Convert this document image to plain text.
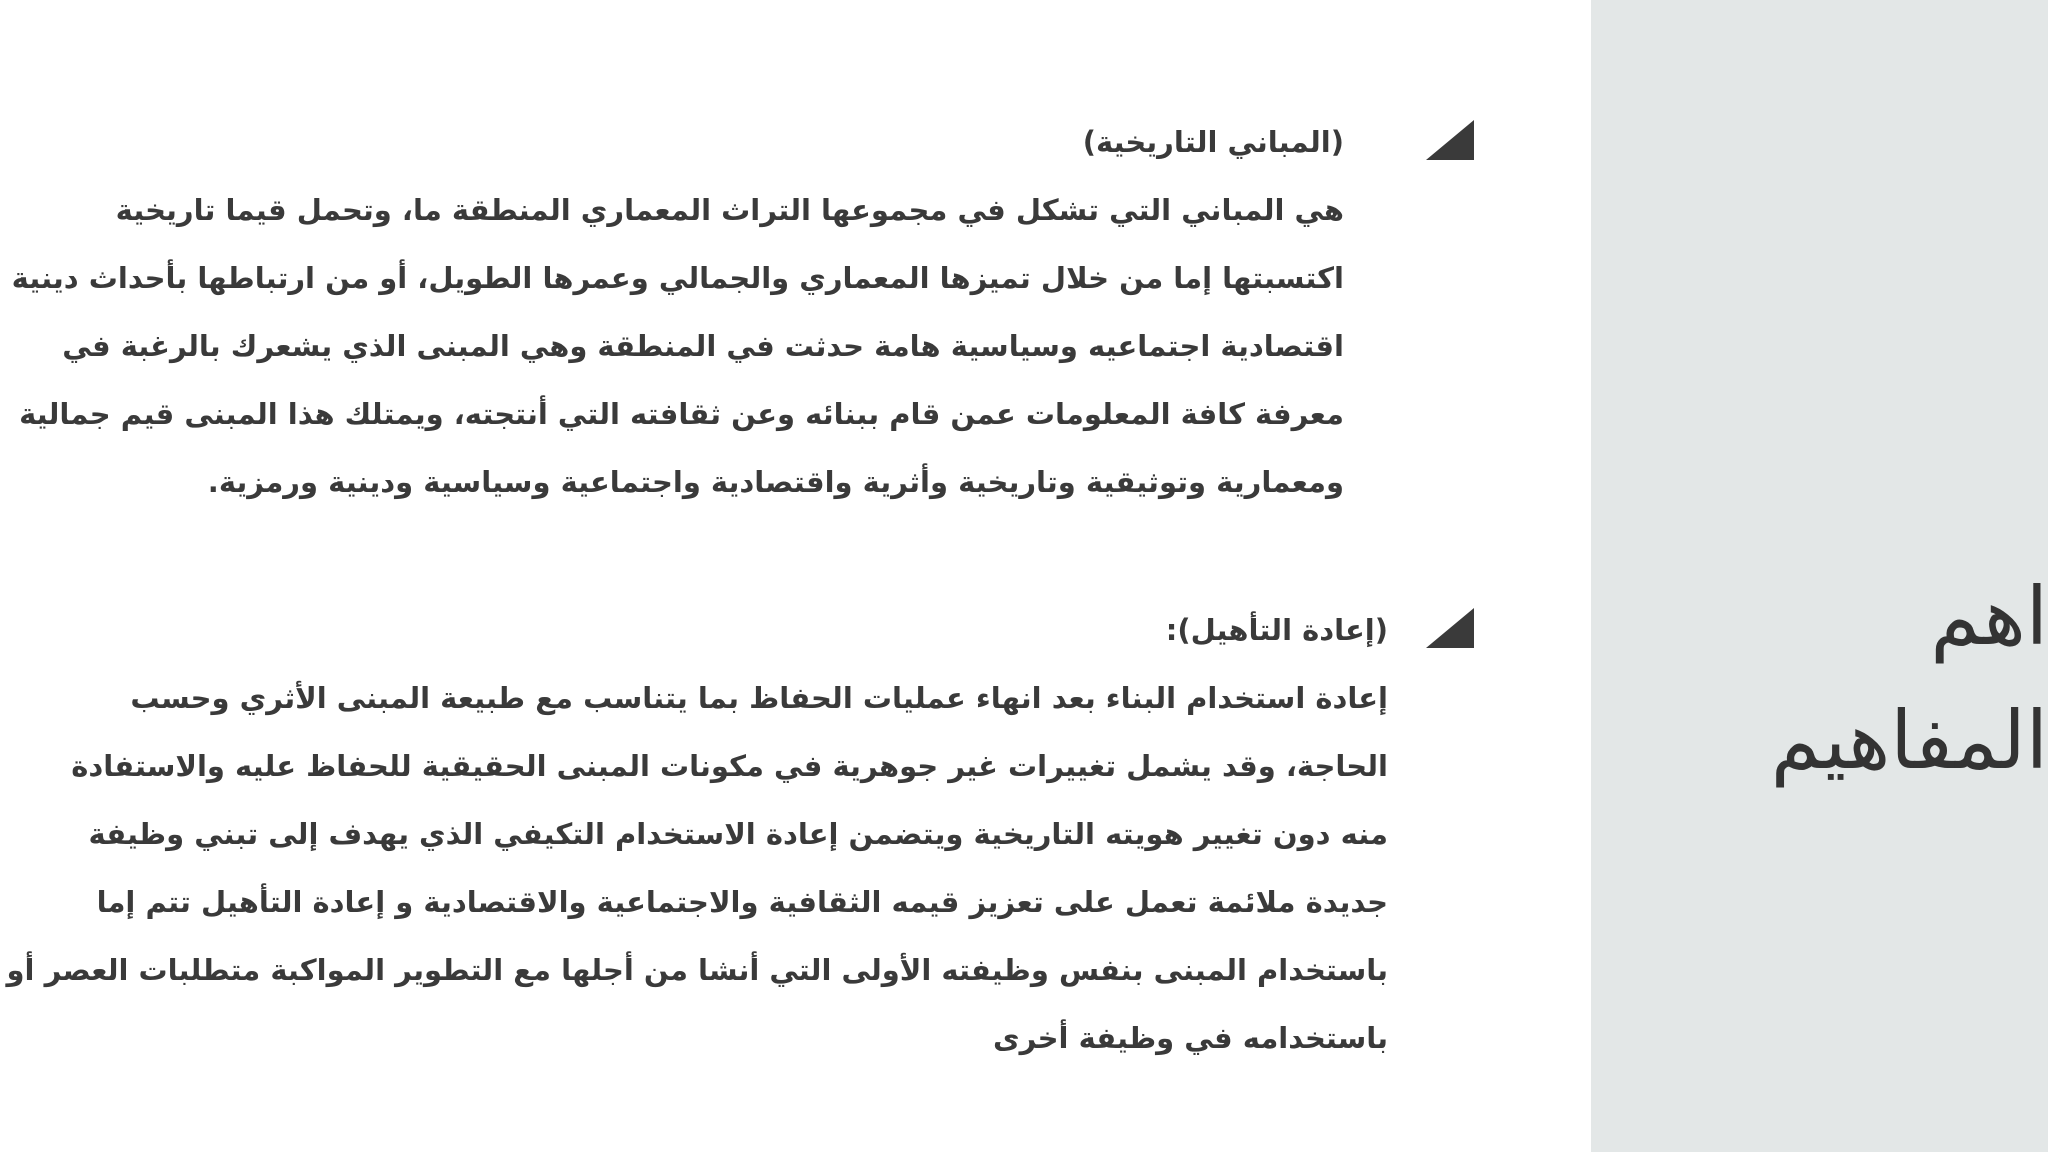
اهم
المفاهيم
(المباني التاريخية)
هي المباني التي تشكل في مجموعها التراث المعماري المنطقة ما، وتحمل قيما تاريخية
اكتسبتها إما من خلال تميزها المعماري والجمالي وعمرها الطويل، أو من ارتباطها بأحداث دينية
اقتصادية اجتماعيه وسياسية هامة حدثت في المنطقة وهي المبنى الذي يشعرك بالرغبة في
معرفة كافة المعلومات عمن قام ببنائه وعن ثقافته التي أنتجته، ويمتلك هذا المبنى قيم جمالية
ومعمارية وتوثيقية وتاريخية وأثرية واقتصادية واجتماعية وسياسية ودينية ورمزية.
(إعادة التأهيل):
إعادة استخدام البناء بعد انهاء عمليات الحفاظ بما يتناسب مع طبيعة المبنى الأثري وحسب
الحاجة، وقد يشمل تغييرات غير جوهرية في مكونات المبنى الحقيقية للحفاظ عليه والاستفادة
منه دون تغيير هويته التاريخية ويتضمن إعادة الاستخدام التكيفي الذي يهدف إلى تبني وظيفة
جديدة ملائمة تعمل على تعزيز قيمه الثقافية والاجتماعية والاقتصادية و إعادة التأهيل تتم إما
باستخدام المبنى بنفس وظيفته الأولى التي أنشا من أجلها مع التطوير المواكبة متطلبات العصر أو
باستخدامه في وظيفة أخرى
